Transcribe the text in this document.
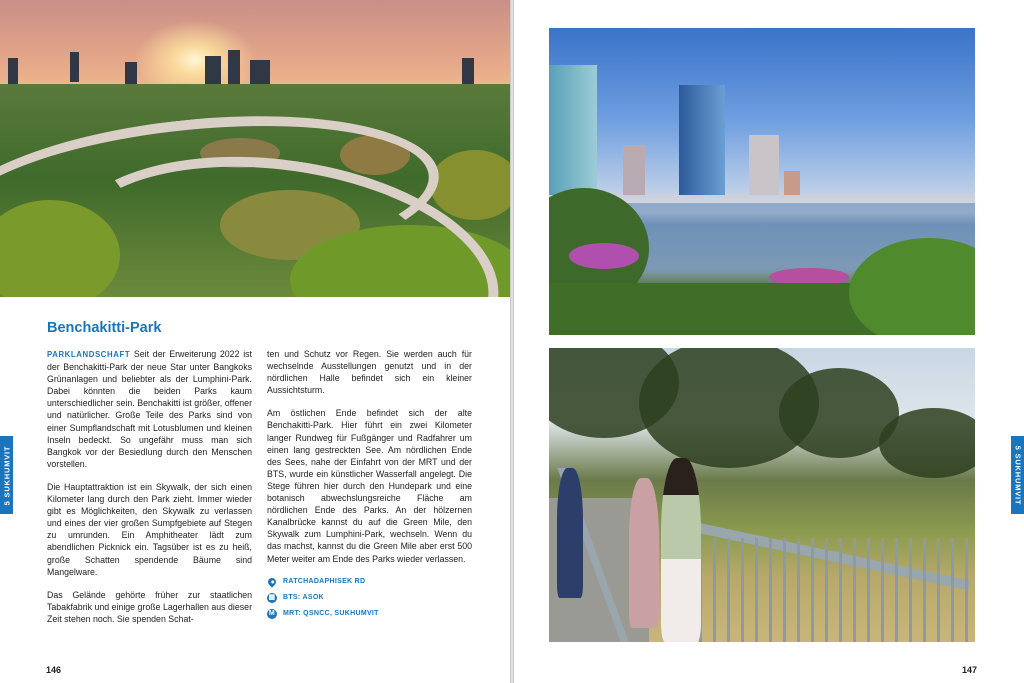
Benchakitti-Park

PARKLANDSCHAFT Seit der Erweiterung 2022 ist der Benchakitti-Park der neue Star unter Bangkoks Grünanlagen und beliebter als der Lumphini-Park. Dabei könnten die beiden Parks kaum unterschiedlicher sein. Benchakitti ist größer, offener und natürlicher. Große Teile des Parks sind von einer Sumpflandschaft mit Lotusblumen und kleinen Inseln bedeckt. So ungefähr muss man sich Bangkok vor der Besiedlung durch den Menschen vorstellen.

Die Hauptattraktion ist ein Skywalk, der sich einen Kilometer lang durch den Park zieht. Immer wieder gibt es Möglichkeiten, den Skywalk zu verlassen und eines der vier großen Sumpfgebiete auf Stegen zu umrunden. Ein Amphitheater lädt zum abendlichen Picknick ein. Tagsüber ist es zu heiß, große Schatten spendende Bäume sind Mangelware.

Das Gelände gehörte früher zur staatlichen Tabakfabrik und einige große Lagerhallen aus dieser Zeit stehen noch. Sie spenden Schat-

ten und Schutz vor Regen. Sie werden auch für wechselnde Ausstellungen genutzt und in der nördlichen Halle befindet sich ein kleiner Aussichtsturm.

Am östlichen Ende befindet sich der alte Benchakitti-Park. Hier führt ein zwei Kilometer langer Rundweg für Fußgänger und Radfahrer um einen lang gestreckten See. Am nördlichen Ende des Sees, nahe der Einfahrt von der MRT und der BTS, wurde ein künstlicher Wasserfall angelegt. Die Stege führen hier durch den Hundepark und eine botanisch abwechslungsreiche Fläche am nördlichen Ende des Parks. An der hölzernen Kanalbrücke kannst du auf die Green Mile, den Skywalk zum Lumphini-Park, wechseln. Wenn du das machst, kannst du die Green Mile aber erst 500 Meter weiter am Ende des Parks wieder verlassen.

RATCHADAPHISEK RD
▦ BTS: ASOK
M MRT: QSNCC, SUKHUMVIT
5 SUKHUMVIT
146
5 SUKHUMVIT
147
